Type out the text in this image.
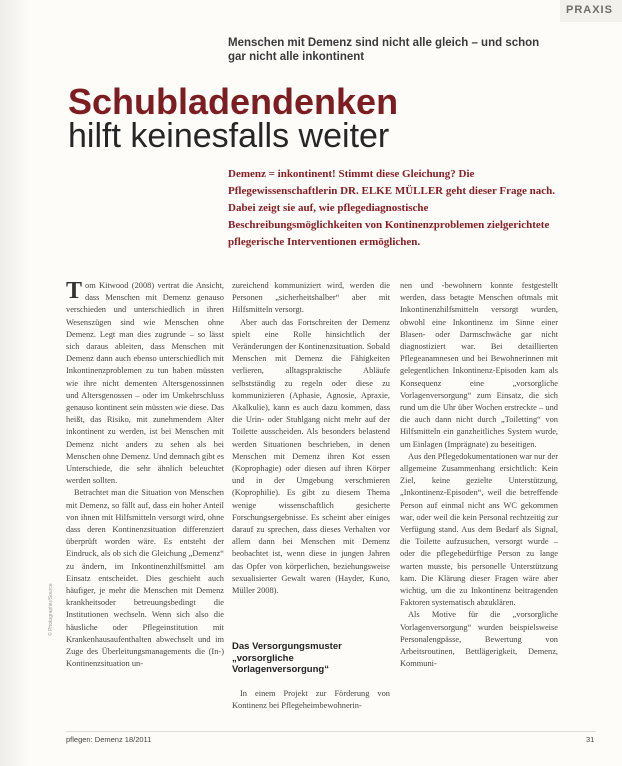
PRAXIS
Menschen mit Demenz sind nicht alle gleich – und schon gar nicht alle inkontinent
Schubladendenken
hilft keinesfalls weiter
Demenz = inkontinent! Stimmt diese Gleichung? Die Pflegewissenschaftlerin DR. ELKE MÜLLER geht dieser Frage nach. Dabei zeigt sie auf, wie pflegediagnostische Beschreibungsmöglichkeiten von Kontinenzproblemen zielgerichtete pflegerische Interventionen ermöglichen.

Tom Kitwood (2008) vertrat die Ansicht, dass Menschen mit Demenz genauso verschieden und unterschiedlich in ihren Wesenszügen sind wie Menschen ohne Demenz. Legt man dies zugrunde – so lässt sich daraus ableiten, dass Menschen mit Demenz dann auch ebenso unterschiedlich mit Inkontinenzproblemen zu tun haben müssten wie ihre nicht dementen Altersgenossinnen und Altersgenossen – oder im Umkehrschluss genauso kontinent sein müssten wie diese. Das heißt, das Risiko, mit zunehmendem Alter inkontinent zu werden, ist bei Menschen mit Demenz nicht anders zu sehen als bei Menschen ohne Demenz. Und demnach gibt es Unterschiede, die sehr ähnlich beleuchtet werden sollten.

Betrachtet man die Situation von Menschen mit Demenz, so fällt auf, dass ein hoher Anteil von ihnen mit Hilfsmitteln versorgt wird, ohne dass deren Kontinenzsituation differenziert überprüft worden wäre. Es entsteht der Eindruck, als ob sich die Gleichung „Demenz“ zu ändern, im Inkontinenzhilfsmittel am Einsatz entscheidet. Dies geschieht auch häufiger, je mehr die Menschen mit Demenz krankheitsoder betreuungsbedingt die Institutionen wechseln. Wenn sich also die häusliche oder Pflegeinstitution mit Krankenhausaufenthalten abwechselt und im Zuge des Überleitungsmanagements die (In-) Kontinenzsituation un-

zureichend kommuniziert wird, werden die Personen „sicherheitshalber“ aber mit Hilfsmitteln versorgt.

Aber auch das Fortschreiten der Demenz spielt eine Rolle hinsichtlich der Veränderungen der Kontinenzsituation. Sobald Menschen mit Demenz die Fähigkeiten verlieren, alltagspraktische Abläufe selbstständig zu regeln oder diese zu kommunizieren (Aphasie, Agnosie, Apraxie, Akalkulie), kann es auch dazu kommen, dass die Urin- oder Stuhlgang nicht mehr auf der Toilette ausscheiden. Als besonders belastend werden Situationen beschrieben, in denen Menschen mit Demenz ihren Kot essen (Koprophagie) oder diesen auf ihren Körper und in der Umgebung verschmieren (Koprophilie). Es gibt zu diesem Thema wenige wissenschaftlich gesicherte Forschungsergebnisse. Es scheint aber einiges darauf zu sprechen, dass dieses Verhalten vor allem dann bei Menschen mit Demenz beobachtet ist, wenn diese in jungen Jahren das Opfer von körperlichen, beziehungsweise sexualisierter Gewalt waren (Hayder, Kuno, Müller 2008).

Das Versorgungsmuster „vorsorgliche Vorlagenversorgung“

In einem Projekt zur Förderung von Kontinenz bei Pflegeheimbewohnerin-

nen und -bewohnern konnte festgestellt werden, dass betagte Menschen oftmals mit Inkontinenzhilfsmitteln versorgt wurden, obwohl eine Inkontinenz im Sinne einer Blasen- oder Darmschwäche gar nicht diagnostiziert war. Bei detaillierten Pflegeanamnesen und bei Bewohnerinnen mit gelegentlichen Inkontinenz-Episoden kam als Konsequenz eine „vorsorgliche Vorlagenversorgung“ zum Einsatz, die sich rund um die Uhr über Wochen erstreckte – und die auch dann nicht durch „Toiletting“ von Hilfsmitteln ein ganzheitliches System wurde, um Einlagen (Imprägnate) zu beseitigen.

Aus den Pflegedokumentationen war nur der allgemeine Zusammenhang ersichtlich: Kein Ziel, keine gezielte Unterstützung, „Inkontinenz-Episoden“, weil die betreffende Person auf einmal nicht ans WC gekommen war, oder weil die kein Personal rechtzeitig zur Verfügung stand. Aus dem Bedarf als Signal, die Toilette aufzusuchen, versorgt wurde – oder die pflegebedürftige Person zu lange warten musste, bis personelle Unterstützung kam. Die Klärung dieser Fragen wäre aber wichtig, um die zu Inkontinenz beitragenden Faktoren systematisch abzuklären.

Als Motive für die „vorsorgliche Vorlagenversorgung“ wurden beispielsweise Personalengpässe, Bewertung von Arbeitsroutinen, Bettlägerigkeit, Demenz, Kommuni-

© Photographer/Source
pflegen: Demenz 18/2011	31
